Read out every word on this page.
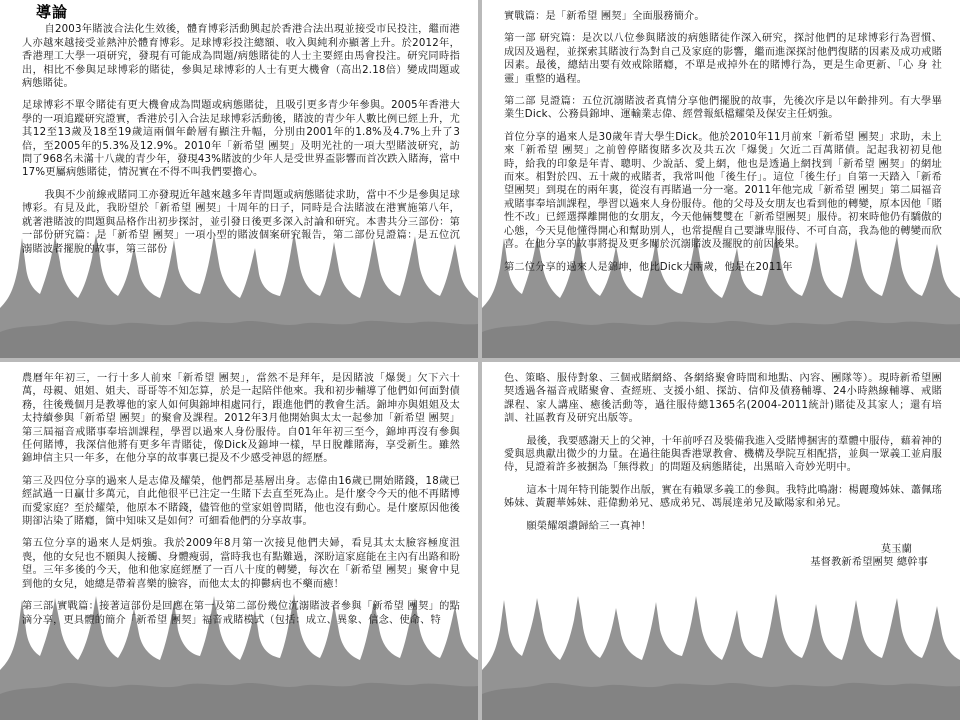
導論

自2003年賭波合法化生效後，體育博彩活動興起於香港合法出現並接受市民投注，繼而港人亦越來越接受並熱沖於體育博彩。足球博彩投注總額、收入與純利亦顯著上升。於2012年，香港理工大學一項研究，發現有可能成為問題/病態賭徒的人士主要經由馬會投注。研究同時指出，相比不參與足球博彩的賭徒，參與足球博彩的人士有更大機會（高出2.18倍）變成問題或病態賭徒。

足球博彩不單令賭徒有更大機會成為問題或病態賭徒，且吸引更多青少年參與。2005年香港大學的一項追蹤研究證實，香港於引入合法足球博彩活動後，賭波的青少年人數比例已經上升，尤其12至13歲及18至19歲這兩個年齡層有顯注升幅，分別由2001年的1.8%及4.7%上升了3倍，至2005年的5.3%及12.9%。2010年「新希望 團契」及明光社的一項大型賭波研究，訪問了968名未滿十八歲的青少年，發現43%賭波的少年人是受世界盃影響而首次跌入賭海，當中17%更屬病態賭徒，情況實在不得不叫我們要擔心。

我與不少前線戒賭同工亦發現近年越來越多年青問題或病態賭徒求助，當中不少是參與足球博彩。有見及此，我盼望於「新希望 團契」十周年的日子，同時是合法賭波在港實施第八年，就著港賭波的問題與品格作出初步探討，並引發日後更多深入討論和研究。本書共分三部份：第一部份研究篇：是「新希望 團契」一項小型的賭波個案研究報告，第二部份見證篇：是五位沉溺賭波者擺脫的故事，第三部份

實戰篇：是「新希望 團契」全面服務簡介。

第一部 研究篇：是次以八位參與賭波的病態賭徒作深入研究，探討他們的足球博彩行為習慣、成因及過程，並探索其賭波行為對自己及家庭的影響，繼而進深探討他們復賭的因素及成功戒賭因素。最後，總結出要有效戒除賭癮，不單是戒掉外在的賭博行為，更是生命更新、「心 身 社 靈」重整的過程。

第二部 見證篇：五位沉溺賭波者真情分享他們擺脫的故事，先後次序是以年齡排列。有大學畢業生Dick、公務員錦坤、運輸業志偉、經營報紙檔耀榮及保安主任炳強。

首位分享的過來人是30歲年青大學生Dick。他於2010年11月前來「新希望 團契」求助，未上來「新希望 團契」之前曾停賭復賭多次及共五次「爆煲」欠近二百萬賭債。記起我初初見他時，給我的印象是年青、聰明、少說話、愛上網，他也是透過上網找到「新希望 團契」的網址而來。相對於四、五十歲的戒賭者，我常叫他「後生仔」。這位「後生仔」自第一天踏入「新希望團契」到現在的兩年裏，從沒有再賭過一分一毫。2011年他完成「新希望 團契」第二屆福音戒賭事奉培訓課程，學習以過來人身份服侍。他的父母及女朋友也看到他的轉變，原本因他「賭性不改」已經選擇離開他的女朋友，今天他倆雙雙在「新希望團契」服侍。初來時他仍有驕傲的心態，今天見他懂得開心和幫助別人，也常提醒自己要謙卑服侍、不可自高，我為他的轉變而欣喜。在他分享的故事將提及更多關於沉溺賭波及擺脫的前因後果。

第二位分享的過來人是錦坤，他比Dick大兩歲，他是在2011年

農曆年年初三，一行十多人前來「新希望 團契」，當然不是拜年，是因賭波「爆煲」欠下六十萬，母親、姐姐、姐夫、哥哥等不知怎算，於是一起陪伴他來。我和初步輔導了他們如何面對債務，往後幾個月是教導他的家人如何與錦坤相處同行，跟進他們的教會生活。錦坤亦與姐姐及太太持續參與「新希望 團契」的聚會及課程。2012年3月他開始與太太一起參加「新希望 團契」第三屆福音戒賭事奉培訓課程，學習以過來人身份服侍。自01年年初三至今，錦坤再沒有參與任何賭博，我深信他將有更多年青賭徒，像Dick及錦坤一樣，早日脫離賭海，享受新生。雖然錦坤信主只一年多，在他分享的故事裏已提及不少感受神恩的經歷。

第三及四位分享的過來人是志偉及耀榮，他們都是基層出身。志偉由16歲已開始賭錢，18歲已經試過一日贏廿多萬元，自此他很平已注定一生賭下去直至死為止。是什麼令今天的他不再賭博而愛家庭？至於耀榮，他原本不賭錢，儘管他的堂家姐曾問賭，他也沒有動心。是什麼原因他後期卻沾染了賭癮，箇中知味又是如何？可細看他們的分享故事。

第五位分享的過來人是炳強。我於2009年8月第一次接見他們夫婦，看見其太太臉容極度沮喪，他的女兒也不願與人接觸、身體瘦弱，當時我也有點難過，深盼這家庭能在主內有出路和盼望。三年多後的今天，他和他家庭經歷了一百八十度的轉變，每次在「新希望 團契」聚會中見到他的女兒，她總是帶着喜樂的臉容，而他太太的抑鬱病也不藥而癒！

第三部 實戰篇：接著這部份是回應在第一及第二部份幾位沉溺賭波者參與「新希望 團契」的點滴分享，更具體的簡介「新希望 團契」福音戒賭模式（包括：成立、異象、信念、使命、特

色、策略、服侍對象、三個戒賭網絡、各網絡聚會時間和地點、內容、團隊等）。現時新希望團契透過各福音戒賭聚會、查經班、支援小組、探訪、信仰及債務輔導、24小時熱線輔導、戒賭課程、家人講座、癒後活動等，過往服侍總1365名(2004-2011統計)賭徒及其家人；還有培訓、社區教育及研究出版等。

最後，我要感謝天上的父神，十年前呼召及裝備我進入受賭博捆害的羣體中服侍，藉着神的愛與恩典獻出微少的力量。在過往能與香港眾教會、機構及學院互相配搭，並與一眾義工並肩服侍，見證着許多被捆為「無得救」的問題及病態賭徒，出黑暗入奇妙光明中。

這本十周年特刊能製作出版，實在有賴眾多義工的參與。我特此鳴謝：楊麗瓊姊妹、蕭佩瑤姊妹、黃麗華姊妹、莊偉勳弟兄、感成弟兄、馮展達弟兄及歐陽家和弟兄。

願榮耀頌讚歸給三一真神！

莫玉蘭
基督教新希望團契 總幹事
